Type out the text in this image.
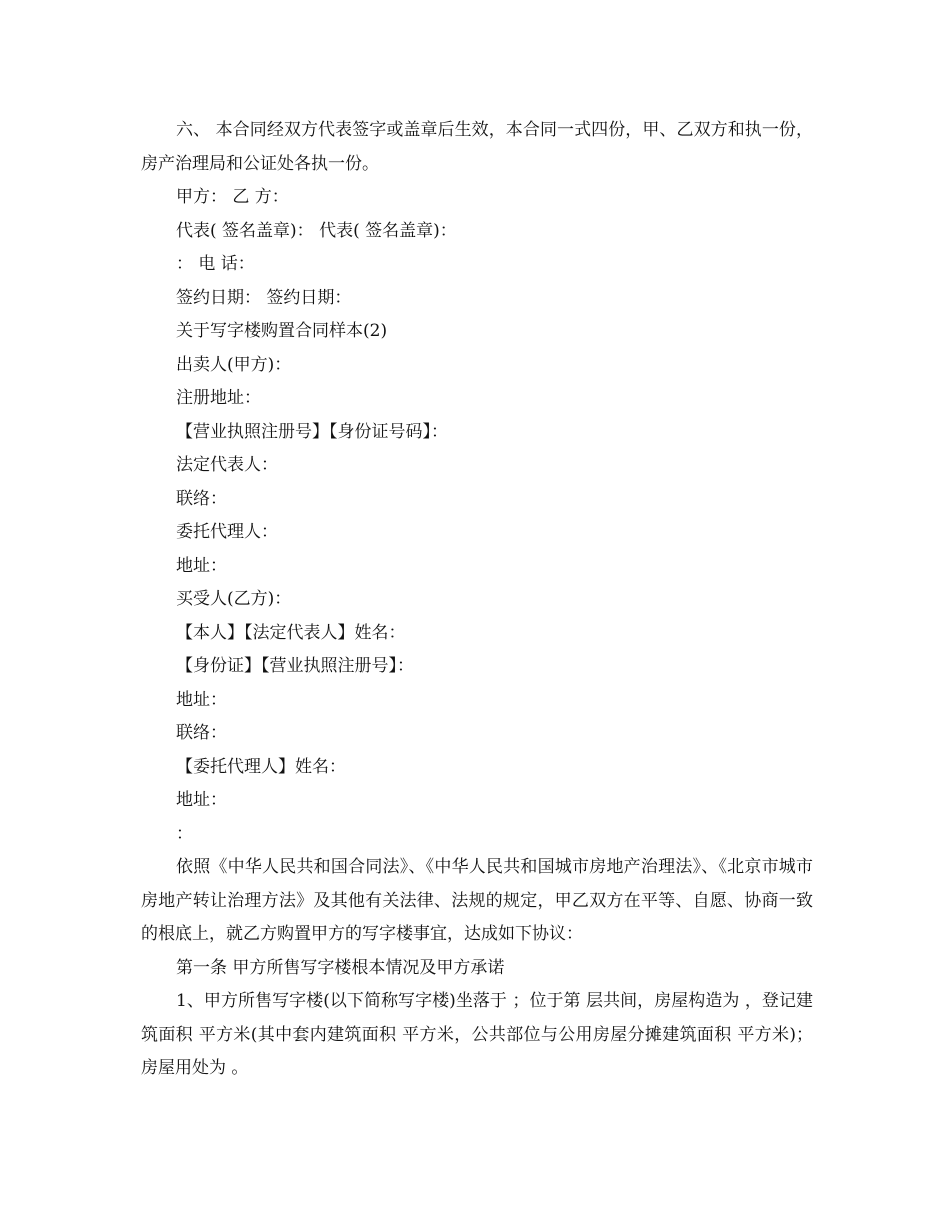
六、 本合同经双方代表签字或盖章后生效，本合同一式四份，甲、乙双方和执一份，房产治理局和公证处各执一份。

甲方： 乙 方：

代表( 签名盖章)： 代表( 签名盖章)：

： 电 话：

签约日期： 签约日期：

关于写字楼购置合同样本(2)

出卖人(甲方)：

注册地址：

【营业执照注册号】【身份证号码】：

法定代表人：

联络：

委托代理人：

地址：

买受人(乙方)：

【本人】【法定代表人】姓名：

【身份证】【营业执照注册号】：

地址：

联络：

【委托代理人】姓名：

地址：

：

依照《中华人民共和国合同法》、《中华人民共和国城市房地产治理法》、《北京市城市房地产转让治理方法》及其他有关法律、法规的规定，甲乙双方在平等、自愿、协商一致的根底上，就乙方购置甲方的写字楼事宜，达成如下协议：

第一条 甲方所售写字楼根本情况及甲方承诺

1、甲方所售写字楼(以下简称写字楼)坐落于 ；位于第 层共间，房屋构造为 ，登记建筑面积 平方米(其中套内建筑面积 平方米，公共部位与公用房屋分摊建筑面积 平方米)；房屋用处为 。
